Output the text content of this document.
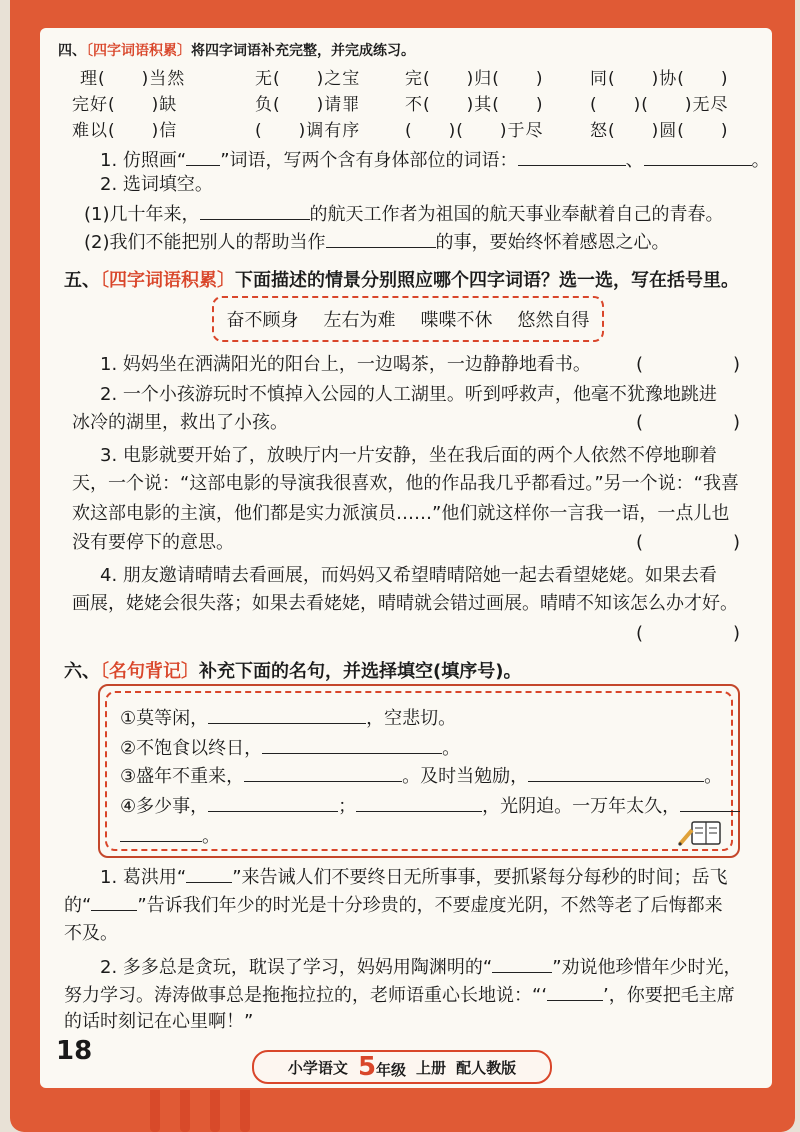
四、〔四字词语积累〕将四字词语补充完整，并完成练习。
理(　　)当然	无(　　)之宝	完(　　)归(　　)	同(　　)协(　　)
完好(　　)缺	负(　　)请罪	不(　　)其(　　)	(　　)(　　)无尽
难以(　　)信	(　　)调有序	(　　)(　　)于尽	怒(　　)圆(　　)
1. 仿照画“ ”词语，写两个含有身体部位的词语：	、	。
2. 选词填空。
(1)几十年来，	的航天工作者为祖国的航天事业奉献着自己的青春。
(2)我们不能把别人的帮助当作	的事，要始终怀着感恩之心。
五、〔四字词语积累〕下面描述的情景分别照应哪个四字词语？选一选，写在括号里。
奋不顾身 左右为难 喋喋不休 悠然自得
1. 妈妈坐在洒满阳光的阳台上，一边喝茶，一边静静地看书。	(　　　　　)
2. 一个小孩游玩时不慎掉入公园的人工湖里。听到呼救声，他毫不犹豫地跳进
冰冷的湖里，救出了小孩。	(　　　　　)
3. 电影就要开始了，放映厅内一片安静，坐在我后面的两个人依然不停地聊着
天，一个说：“这部电影的导演我很喜欢，他的作品我几乎都看过。”另一个说：“我喜
欢这部电影的主演，他们都是实力派演员……”他们就这样你一言我一语，一点儿也
没有要停下的意思。	(　　　　　)
4. 朋友邀请晴晴去看画展，而妈妈又希望晴晴陪她一起去看望姥姥。如果去看
画展，姥姥会很失落；如果去看姥姥，晴晴就会错过画展。晴晴不知该怎么办才好。
(　　　　　)
六、〔名句背记〕补充下面的名句，并选择填空(填序号)。
①莫等闲，	，空悲切。
②不饱食以终日，	。
③盛年不重来，	。及时当勉励，	。
④多少事，	；	，光阴迫。一万年太久，
。
1. 葛洪用“	”来告诫人们不要终日无所事事，要抓紧每分每秒的时间；岳飞
的“	”告诉我们年少的时光是十分珍贵的，不要虚度光阴，不然等老了后悔都来
不及。
2. 多多总是贪玩，耽误了学习，妈妈用陶渊明的“	”劝说他珍惜年少时光，
努力学习。涛涛做事总是拖拖拉拉的，老师语重心长地说：“‘	’，你要把毛主席
的话时刻记在心里啊！”
18
小学语文 5年级 上册 配人教版
